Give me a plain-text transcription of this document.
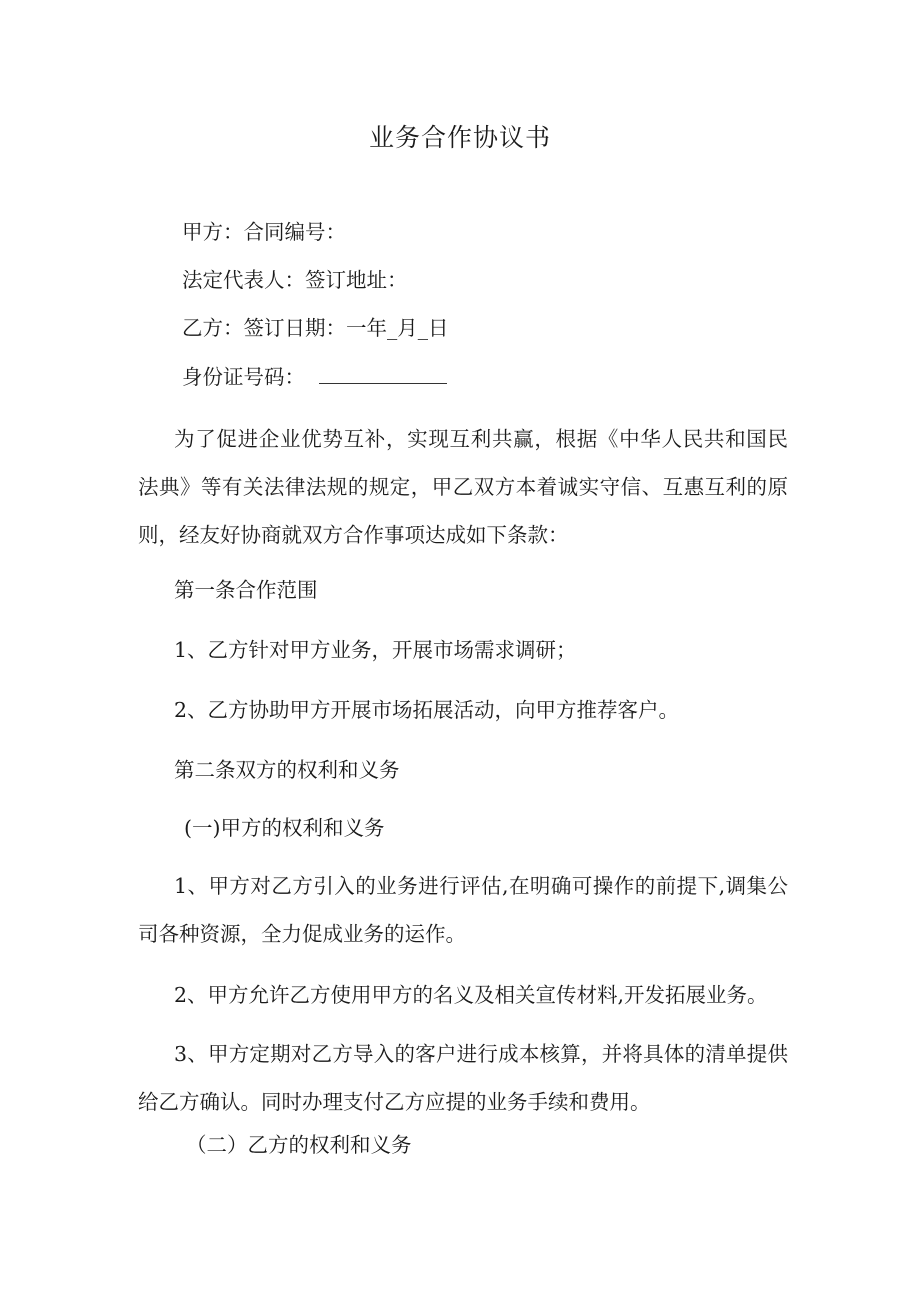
业务合作协议书
甲方：合同编号：
法定代表人：签订地址：
乙方：签订日期：一年_月_日
身份证号码：
为了促进企业优势互补，实现互利共赢，根据《中华人民共和国民法典》等有关法律法规的规定，甲乙双方本着诚实守信、互惠互利的原则，经友好协商就双方合作事项达成如下条款：
第一条合作范围
1、乙方针对甲方业务，开展市场需求调研；
2、乙方协助甲方开展市场拓展活动，向甲方推荐客户。
第二条双方的权利和义务
(一)甲方的权利和义务
1、甲方对乙方引入的业务进行评估,在明确可操作的前提下,调集公司各种资源，全力促成业务的运作。
2、甲方允许乙方使用甲方的名义及相关宣传材料,开发拓展业务。
3、甲方定期对乙方导入的客户进行成本核算，并将具体的清单提供给乙方确认。同时办理支付乙方应提的业务手续和费用。
（二）乙方的权利和义务
